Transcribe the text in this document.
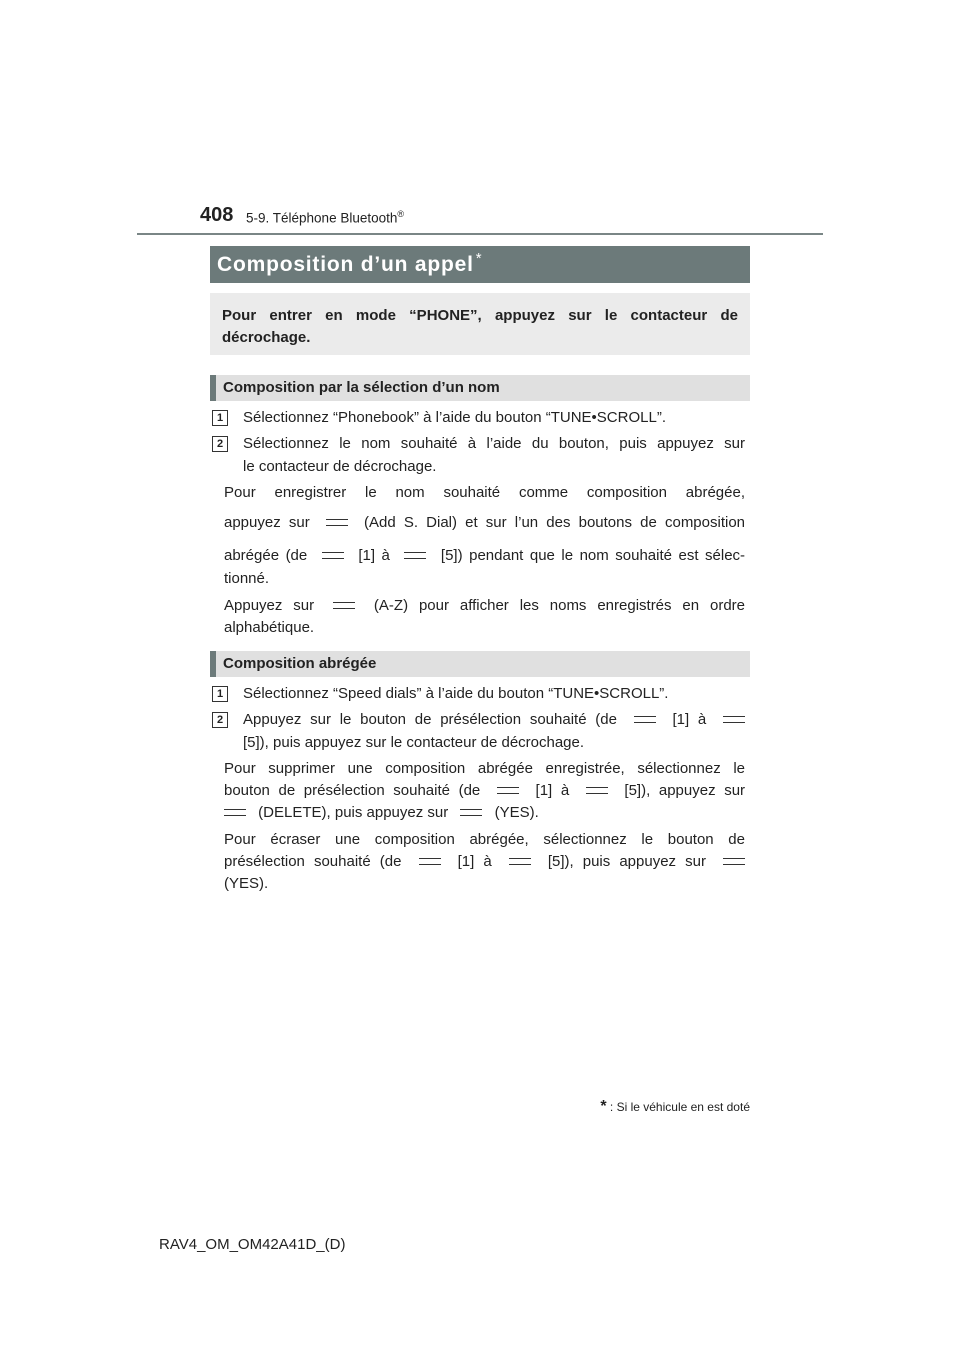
408 5-9. Téléphone Bluetooth®
Composition d’un appel *
Pour entrer en mode “PHONE”, appuyez sur le contacteur de décrochage.
Composition par la sélection d’un nom
1	Sélectionnez “Phonebook” à l’aide du bouton “TUNE•SCROLL”.
2	Sélectionnez le nom souhaité à l’aide du bouton, puis appuyez sur
le contacteur de décrochage.
Pour enregistrer le nom souhaité comme composition abrégée,
appuyez sur	(Add S. Dial) et sur l’un des boutons de composition
abrégée (de	[1] à	[5]) pendant que le nom souhaité est sélec-
tionné.
Appuyez sur	(A-Z) pour afficher les noms enregistrés en ordre
alphabétique.
Composition abrégée
1	Sélectionnez “Speed dials” à l’aide du bouton “TUNE•SCROLL”.
2	Appuyez sur le bouton de présélection souhaité (de	[1] à
[5]), puis appuyez sur le contacteur de décrochage.
Pour supprimer une composition abrégée enregistrée, sélectionnez le
bouton de présélection souhaité (de	[1] à	[5]), appuyez sur
(DELETE), puis appuyez sur	(YES).
Pour écraser une composition abrégée, sélectionnez le bouton de
présélection souhaité (de	[1] à	[5]), puis appuyez sur
(YES).
* : Si le véhicule en est doté
RAV4_OM_OM42A41D_(D)
